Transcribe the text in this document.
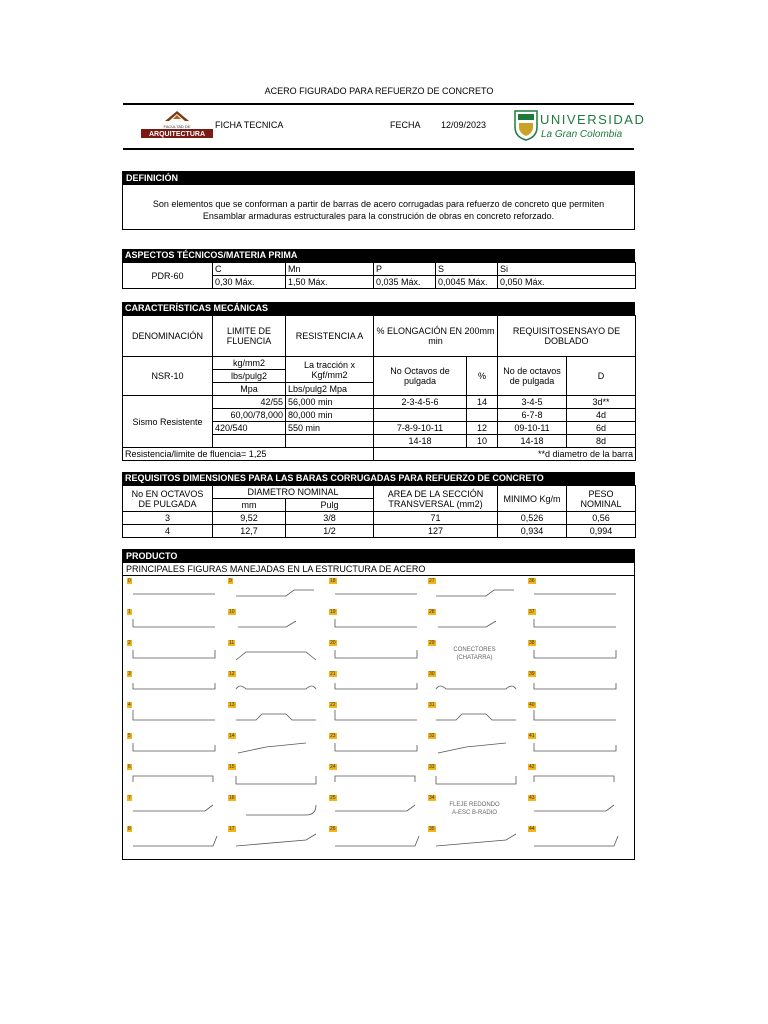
ACERO FIGURADO PARA REFUERZO DE CONCRETO
FACULTAD DE
ARQUITECTURA
FICHA TECNICA	FECHA 12/09/2023	UNIVERSIDAD
La Gran Colombia
DEFINICIÓN
Son elementos que se conforman a partir de barras de acero corrugadas para refuerzo de concreto que permiten
Ensamblar armaduras estructurales para la construción de obras en concreto reforzado.
ASPECTOS TÉCNICOS/MATERIA PRIMA
PDR-60	C	Mn	P	S	Si
	0,30 Máx.	1,50 Máx.	0,035 Máx.	0,0045 Máx.	0,050 Máx.
CARACTERÍSTICAS MECÁNICAS
DENOMINACIÓN	LIMITE DE FLUENCIA	RESISTENCIA A	% ELONGACIÓN EN 200mm min		REQUISITOSENSAYO DE DOBLADO	
NSR-10	kg/mm2	La tracción x Kgf/mm2	No Octavos de pulgada	%	No de octavos de pulgada	D
	lbs/pulg2					
	Mpa	Lbs/pulg2 Mpa				
Sismo Resistente	42/55	56,000 min	2-3-4-5-6	14	3-4-5	3d**
	60,00/78,000	80,000 min			6-7-8	4d
	420/540	550 min	7-8-9-10-11	12	09-10-11	6d
			14-18	10	14-18	8d
Resistencia/limite de fluencia= 1,25			**d diametro de la barra			
REQUISITOS DIMENSIONES PARA LAS BARAS CORRUGADAS PARA REFUERZO DE CONCRETO
No EN OCTAVOS DE PULGADA	DIAMETRO NOMINAL		AREA DE LA SECCIÓN TRANSVERSAL (mm2)	MINIMO Kg/m	PESO NOMINAL
	mm	Pulg			
3	9,52	3/8	71	0,526	0,56
4	12,7	1/2	127	0,934	0,994
PRODUCTO
PRINCIPALES FIGURAS MANEJADAS EN LA ESTRUCTURA DE ACERO
0
1
2
3
4
5
6
7
8
9
10
11
12
13
14
15
16
17
18
19
20
21
22
23
24
25
26
27
28
CONECTORES
(CHATARRA)
29
30
31
32
33
FLEJE REDONDO
A-ESC B-RADIO
34
35
36
37
38
39
40
41
42
43
44
